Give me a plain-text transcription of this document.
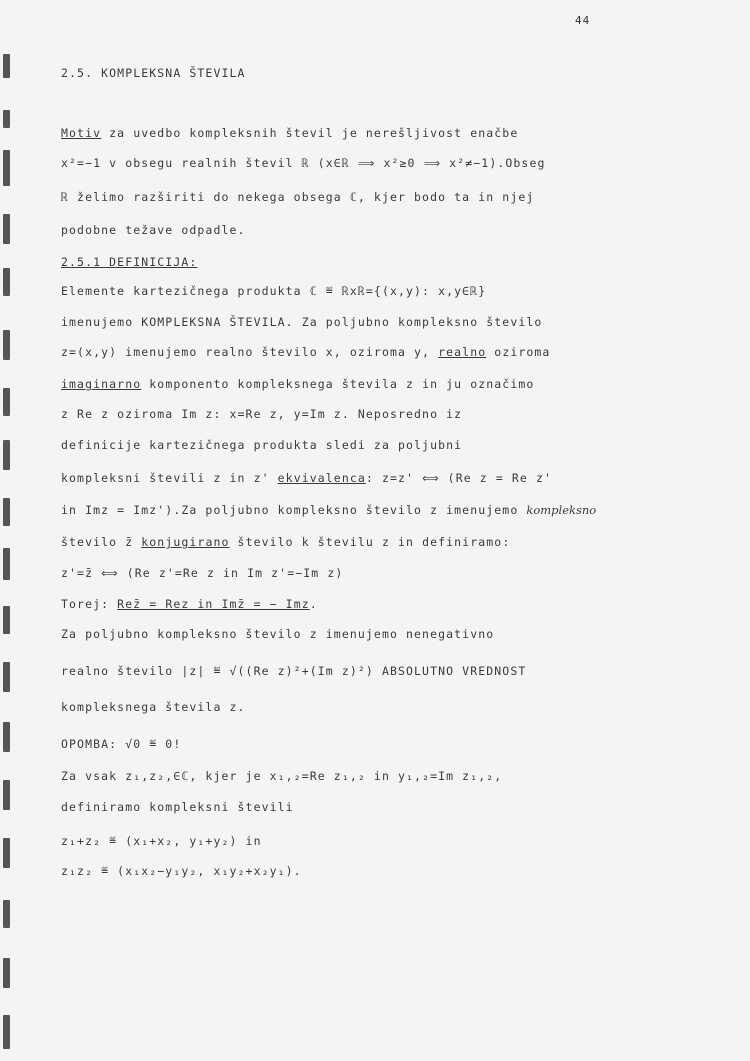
44
2.5. KOMPLEKSNA ŠTEVILA
Motiv za uvedbo kompleksnih števil je nerešljivost enačbe
x²=−1 v obsegu realnih števil ℝ (x∈ℝ ⟹ x²≥0 ⟹ x²≠−1).Obseg
ℝ želimo razširiti do nekega obsega ℂ, kjer bodo ta in njej
podobne težave odpadle.
2.5.1 DEFINICIJA:
Elemente kartezičnega produkta ℂ ≝ ℝxℝ={(x,y): x,y∈ℝ}
imenujemo KOMPLEKSNA ŠTEVILA. Za poljubno kompleksno število
z=(x,y) imenujemo realno število x, oziroma y, realno oziroma
imaginarno komponento kompleksnega števila z in ju označimo
z Re z oziroma Im z: x=Re z, y=Im z. Neposredno iz
definicije kartezičnega produkta sledi za poljubni
kompleksni števili z in z' ekvivalenca: z=z' ⟺ (Re z = Re z'
in Imz = Imz').Za poljubno kompleksno število z imenujemo kompleksno
število z̄ konjugirano število k številu z in definiramo:
z'=z̄ ⟺ (Re z'=Re z in Im z'=−Im z)
Torej: Rez̄ = Rez in Imz̄ = − Imz.
Za poljubno kompleksno število z imenujemo nenegativno
realno število |z| ≝ √((Re z)²+(Im z)²) ABSOLUTNO VREDNOST
kompleksnega števila z.
OPOMBA: √0 ≝ 0!
Za vsak z₁,z₂,∈ℂ, kjer je x₁,₂=Re z₁,₂ in y₁,₂=Im z₁,₂,
definiramo kompleksni števili
z₁+z₂ ≝ (x₁+x₂, y₁+y₂) in
z₁z₂ ≝ (x₁x₂−y₁y₂, x₁y₂+x₂y₁).
